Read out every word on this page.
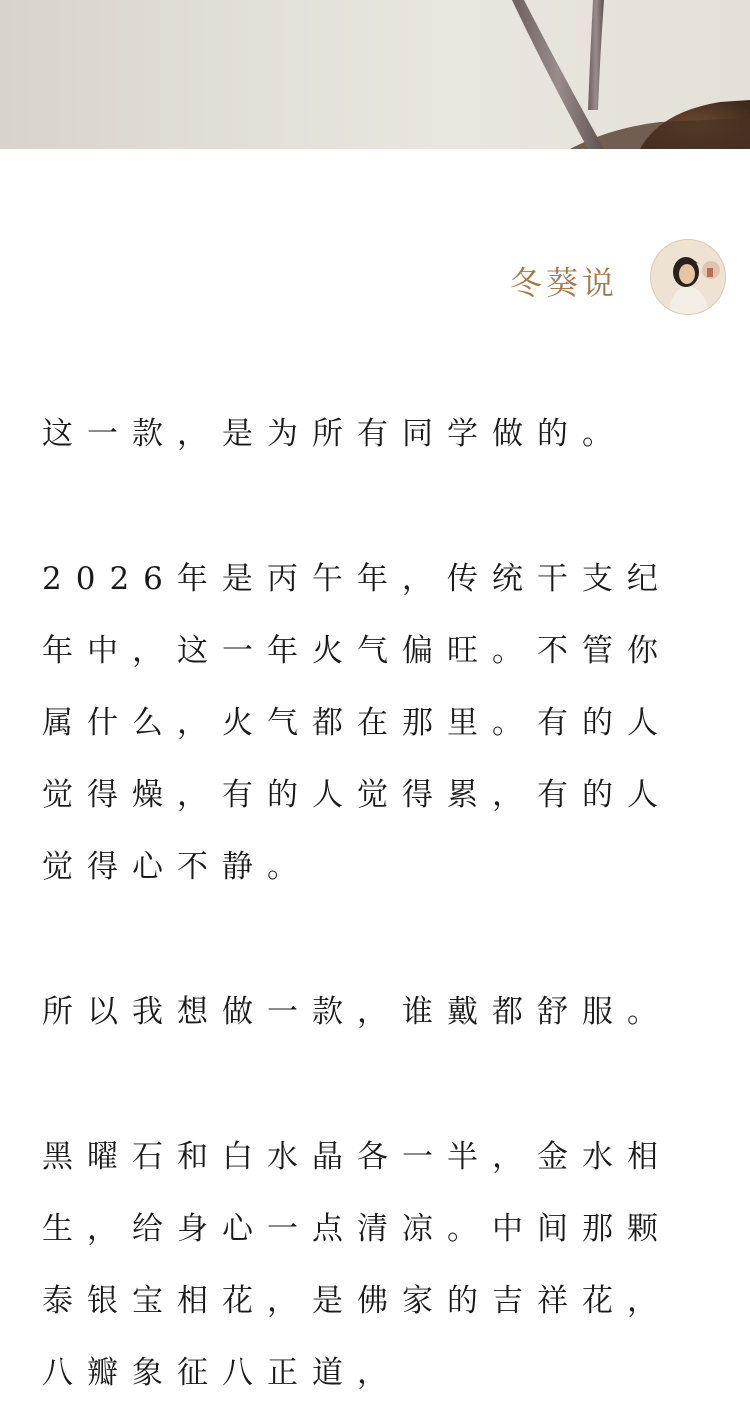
冬葵说

这一款，是为所有同学做的。

2026年是丙午年，传统干支纪
年中，这一年火气偏旺。不管你
属什么，火气都在那里。有的人
觉得燥，有的人觉得累，有的人
觉得心不静。

所以我想做一款，谁戴都舒服。

黑曜石和白水晶各一半，金水相
生，给身心一点清凉。中间那颗
泰银宝相花，是佛家的吉祥花，
八瓣象征八正道，
